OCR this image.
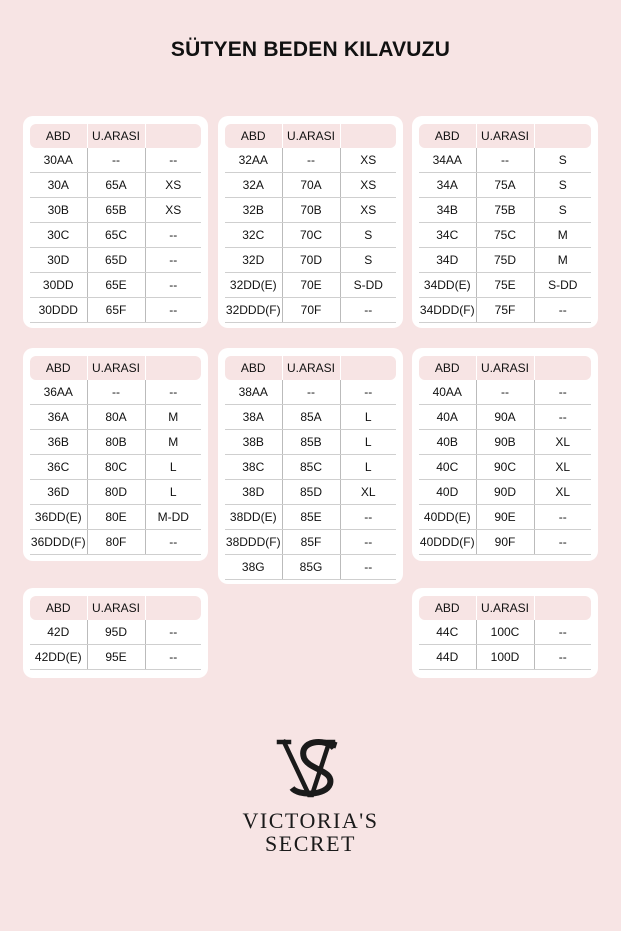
SÜTYEN BEDEN KILAVUZU
ABD	U.ARASI	
30AA	--	--
30A	65A	XS
30B	65B	XS
30C	65C	--
30D	65D	--
30DD	65E	--
30DDD	65F	--
ABD	U.ARASI	
32AA	--	XS
32A	70A	XS
32B	70B	XS
32C	70C	S
32D	70D	S
32DD(E)	70E	S-DD
32DDD(F)	70F	--
ABD	U.ARASI	
34AA	--	S
34A	75A	S
34B	75B	S
34C	75C	M
34D	75D	M
34DD(E)	75E	S-DD
34DDD(F)	75F	--
ABD	U.ARASI	
36AA	--	--
36A	80A	M
36B	80B	M
36C	80C	L
36D	80D	L
36DD(E)	80E	M-DD
36DDD(F)	80F	--
ABD	U.ARASI	
38AA	--	--
38A	85A	L
38B	85B	L
38C	85C	L
38D	85D	XL
38DD(E)	85E	--
38DDD(F)	85F	--
38G	85G	--
ABD	U.ARASI	
40AA	--	--
40A	90A	--
40B	90B	XL
40C	90C	XL
40D	90D	XL
40DD(E)	90E	--
40DDD(F)	90F	--
ABD	U.ARASI	
42D	95D	--
42DD(E)	95E	--
ABD	U.ARASI	
44C	100C	--
44D	100D	--
VICTORIA'S
SECRET
